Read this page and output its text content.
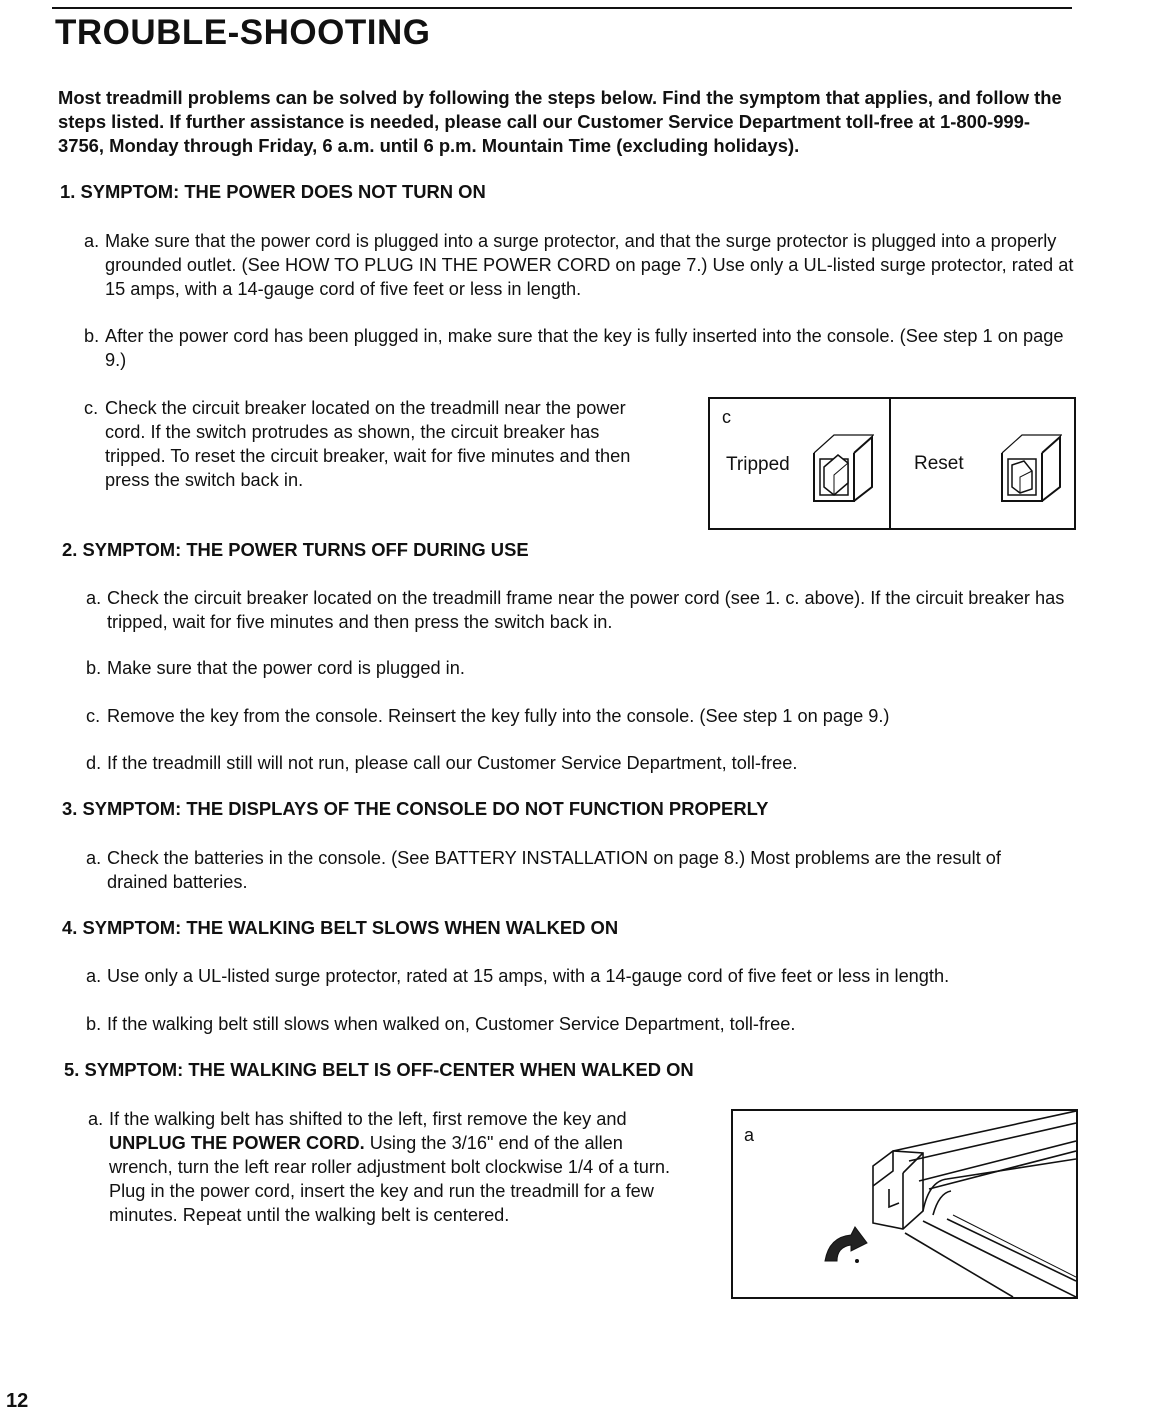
TROUBLE-SHOOTING
Most treadmill problems can be solved by following the steps below. Find the symptom that applies, and follow the steps listed. If further assistance is needed, please call our Customer Service Department toll-free at 1-800-999-3756, Monday through Friday, 6 a.m. until 6 p.m. Mountain Time (excluding holidays).
1. SYMPTOM: THE POWER DOES NOT TURN ON
a. Make sure that the power cord is plugged into a surge protector, and that the surge protector is plugged into a properly grounded outlet. (See HOW TO PLUG IN THE POWER CORD on page 7.) Use only a UL-listed surge protector, rated at 15 amps, with a 14-gauge cord of five feet or less in length.
b. After the power cord has been plugged in, make sure that the key is fully inserted into the console. (See step 1 on page 9.)
c. Check the circuit breaker located on the treadmill near the power cord. If the switch protrudes as shown, the circuit breaker has tripped. To reset the circuit breaker, wait for five minutes and then press the switch back in.
c
Tripped	Reset
2. SYMPTOM: THE POWER TURNS OFF DURING USE
a. Check the circuit breaker located on the treadmill frame near the power cord (see 1. c. above). If the circuit breaker has tripped, wait for five minutes and then press the switch back in.
b. Make sure that the power cord is plugged in.
c. Remove the key from the console. Reinsert the key fully into the console. (See step 1 on page 9.)
d. If the treadmill still will not run, please call our Customer Service Department, toll-free.
3. SYMPTOM: THE DISPLAYS OF THE CONSOLE DO NOT FUNCTION PROPERLY
a. Check the batteries in the console. (See BATTERY INSTALLATION on page 8.) Most problems are the result of drained batteries.
4. SYMPTOM: THE WALKING BELT SLOWS WHEN WALKED ON
a. Use only a UL-listed surge protector, rated at 15 amps, with a 14-gauge cord of five feet or less in length.
b. If the walking belt still slows when walked on, Customer Service Department, toll-free.
5. SYMPTOM: THE WALKING BELT IS OFF-CENTER WHEN WALKED ON
a. If the walking belt has shifted to the left, first remove the key and UNPLUG THE POWER CORD. Using the 3/16" end of the allen wrench, turn the left rear roller adjustment bolt clockwise 1/4 of a turn. Plug in the power cord, insert the key and run the treadmill for a few minutes. Repeat until the walking belt is centered.
a
12
